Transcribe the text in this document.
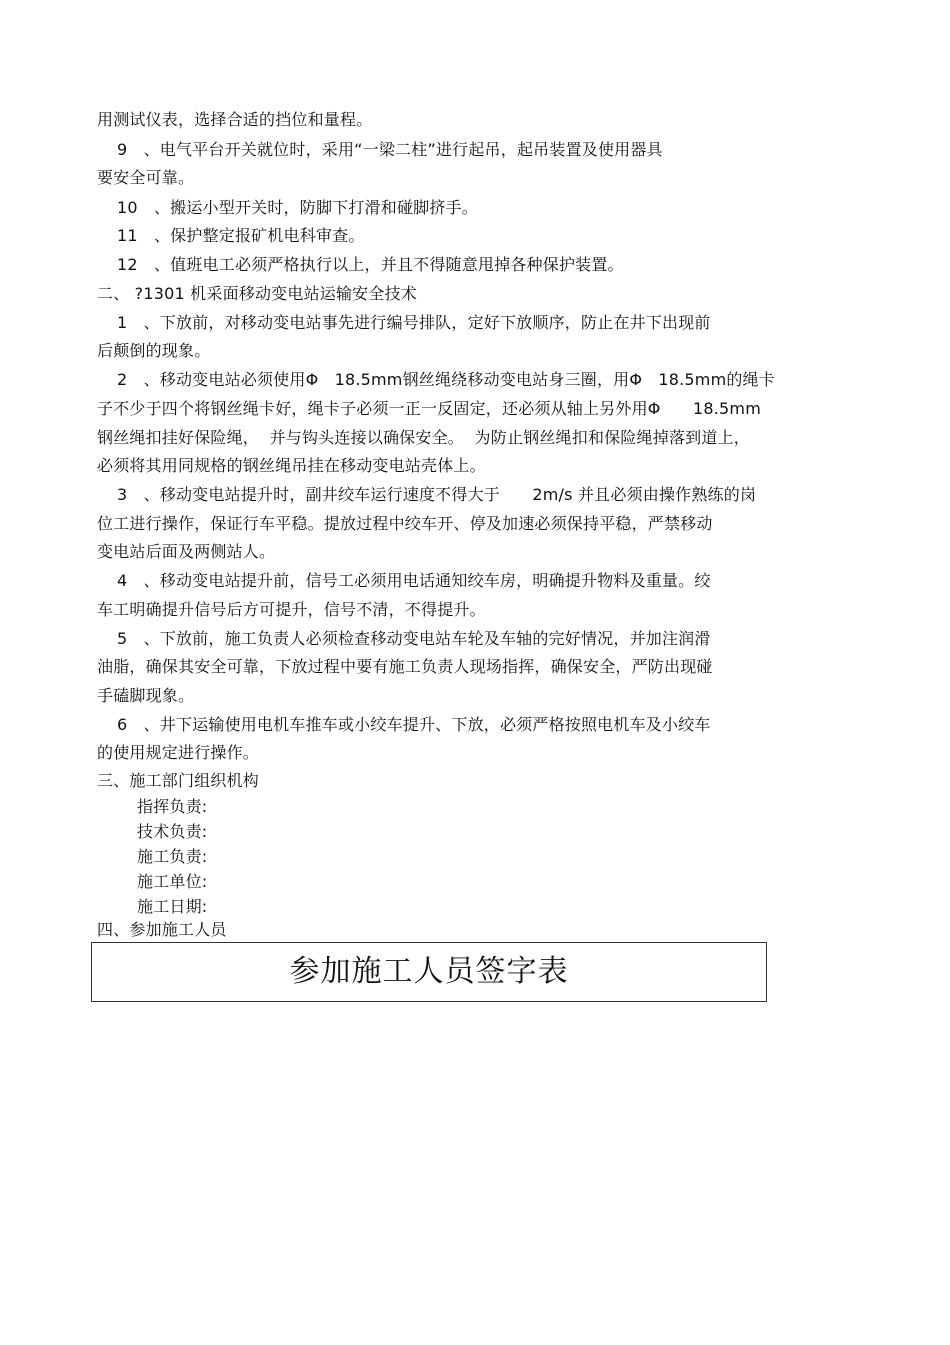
用测试仪表，选择合适的挡位和量程。
9　、电气平台开关就位时，采用“一梁二柱”进行起吊，起吊装置及使用器具
要安全可靠。
10　、搬运小型开关时，防脚下打滑和碰脚挤手。
11　、保护整定报矿机电科审查。
12　、值班电工必须严格执行以上，并且不得随意甩掉各种保护装置。
二、 ?1301 机采面移动变电站运输安全技术
1　、下放前，对移动变电站事先进行编号排队，定好下放顺序，防止在井下出现前
后颠倒的现象。
2　、移动变电站必须使用Φ　18.5mm钢丝绳绕移动变电站身三圈，用Φ　18.5mm的绳卡
子不少于四个将钢丝绳卡好，绳卡子必须一正一反固定，还必须从轴上另外用Φ　　18.5mm
钢丝绳扣挂好保险绳，  并与钩头连接以确保安全。  为防止钢丝绳扣和保险绳掉落到道上，
必须将其用同规格的钢丝绳吊挂在移动变电站壳体上。
3　、移动变电站提升时，副井绞车运行速度不得大于　　2m/s 并且必须由操作熟练的岗
位工进行操作，保证行车平稳。提放过程中绞车开、停及加速必须保持平稳，严禁移动
变电站后面及两侧站人。
4　、移动变电站提升前，信号工必须用电话通知绞车房，明确提升物料及重量。绞
车工明确提升信号后方可提升，信号不清，不得提升。
5　、下放前，施工负责人必须检查移动变电站车轮及车轴的完好情况，并加注润滑
油脂，确保其安全可靠，下放过程中要有施工负责人现场指挥，确保安全，严防出现碰
手磕脚现象。
6　、井下运输使用电机车推车或小绞车提升、下放，必须严格按照电机车及小绞车
的使用规定进行操作。
三、施工部门组织机构
指挥负责:
技术负责:
施工负责:
施工单位:
施工日期:
四、参加施工人员
参加施工人员签字表
